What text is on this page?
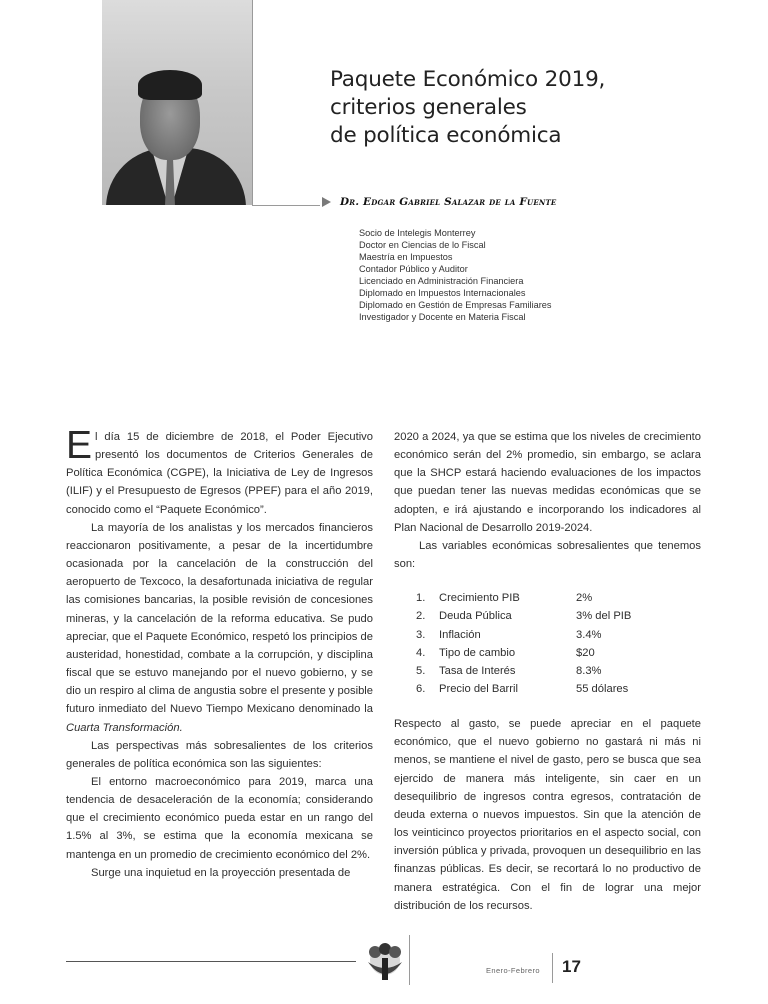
Paquete Económico 2019,
criterios generales
de política económica
Dr. Edgar Gabriel Salazar de la Fuente
Socio de Intelegis Monterrey
Doctor en Ciencias de lo Fiscal
Maestría en Impuestos
Contador Público y Auditor
Licenciado en Administración Financiera
Diplomado en Impuestos Internacionales
Diplomado en Gestión de Empresas Familiares
Investigador y Docente en Materia Fiscal

El día 15 de diciembre de 2018, el Poder Ejecutivo presentó los documentos de Criterios Generales de Política Económica (CGPE), la Iniciativa de Ley de Ingresos (ILIF) y el Presupuesto de Egresos (PPEF) para el año 2019, conocido como el “Paquete Económico”.

La mayoría de los analistas y los mercados financieros reaccionaron positivamente, a pesar de la incertidumbre ocasionada por la cancelación de la construcción del aeropuerto de Texcoco, la desafortunada iniciativa de regular las comisiones bancarias, la posible revisión de concesiones mineras, y la cancelación de la reforma educativa. Se pudo apreciar, que el Paquete Económico, respetó los principios de austeridad, honestidad, combate a la corrupción, y disciplina fiscal que se estuvo manejando por el nuevo gobierno, y se dio un respiro al clima de angustia sobre el presente y posible futuro inmediato del Nuevo Tiempo Mexicano denominado la Cuarta Transformación.

Las perspectivas más sobresalientes de los criterios generales de política económica son las siguientes:

El entorno macroeconómico para 2019, marca una tendencia de desaceleración de la economía; considerando que el crecimiento económico pueda estar en un rango del 1.5% al 3%, se estima que la economía mexicana se mantenga en un promedio de crecimiento económico del 2%.

Surge una inquietud en la proyección presentada de

2020 a 2024, ya que se estima que los niveles de crecimiento económico serán del 2% promedio, sin embargo, se aclara que la SHCP estará haciendo evaluaciones de los impactos que puedan tener las nuevas medidas económicas que se adopten, e irá ajustando e incorporando los indicadores al Plan Nacional de Desarrollo 2019-2024.

Las variables económicas sobresalientes que tenemos son:

1.	Crecimiento PIB	2%
2.	Deuda Pública	3% del PIB
3.	Inflación	3.4%
4.	Tipo de cambio	$20
5.	Tasa de Interés	8.3%
6.	Precio del Barril	55 dólares

Respecto al gasto, se puede apreciar en el paquete económico, que el nuevo gobierno no gastará ni más ni menos, se mantiene el nivel de gasto, pero se busca que sea ejercido de manera más inteligente, sin caer en un desequilibrio de ingresos contra egresos, contratación de deuda externa o nuevos impuestos. Sin que la atención de los veinticinco proyectos prioritarios en el aspecto social, con inversión pública y privada, provoquen un desequilibrio en las finanzas públicas. Es decir, se recortará lo no productivo de manera estratégica. Con el fin de lograr una mejor distribución de los recursos.

Enero-Febrero 17
